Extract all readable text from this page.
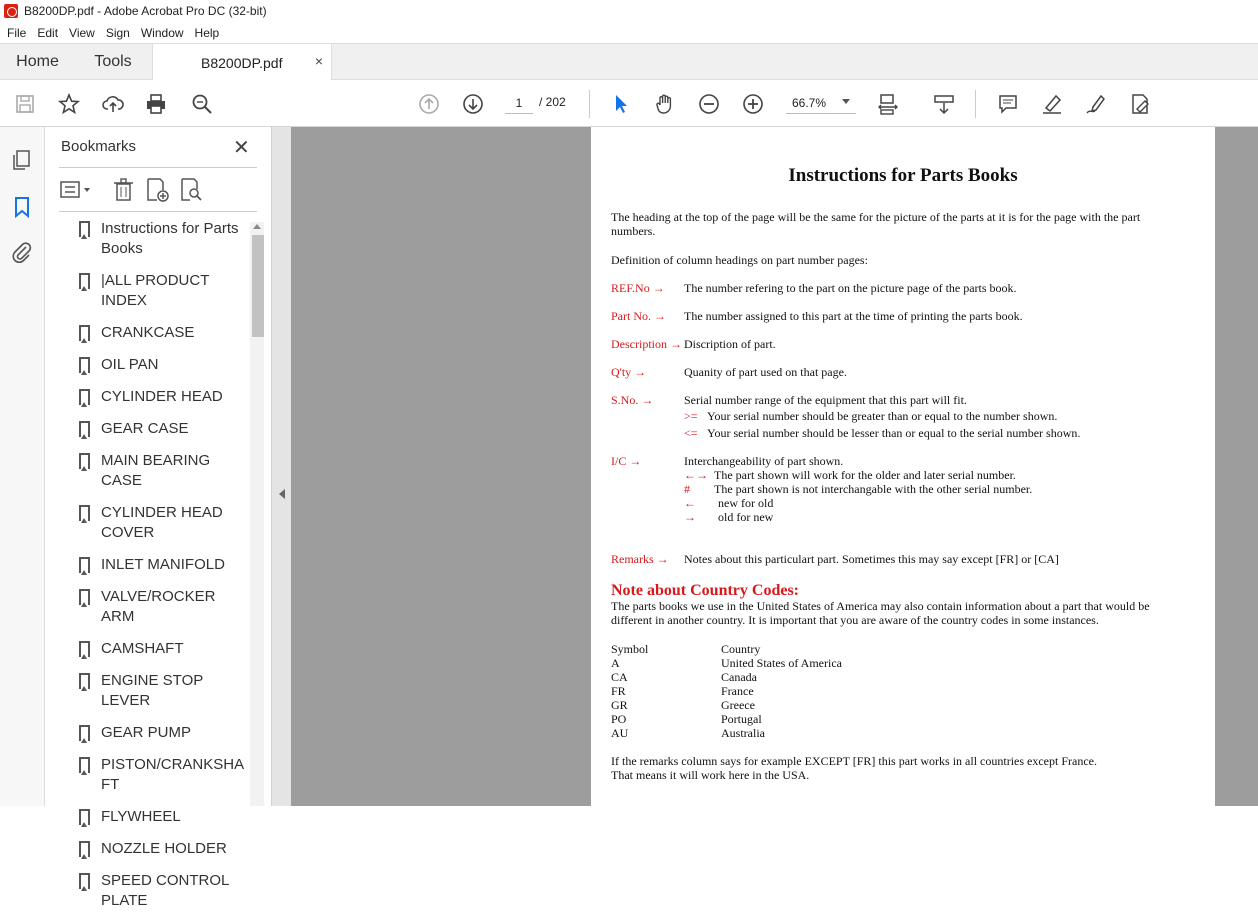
B8200DP.pdf - Adobe Acrobat Pro DC (32-bit)
File Edit View Sign Window Help
Home	Tools	B8200DP.pdf ×
1	/ 202	66.7%
Bookmarks	✕
Instructions for Parts Books
|ALL PRODUCT INDEX
CRANKCASE
OIL PAN
CYLINDER HEAD
GEAR CASE
MAIN BEARING CASE
CYLINDER HEAD COVER
INLET MANIFOLD
VALVE/ROCKER ARM
CAMSHAFT
ENGINE STOP LEVER
GEAR PUMP
PISTON/CRANKSHAFT
FLYWHEEL
NOZZLE HOLDER
SPEED CONTROL PLATE
Instructions for Parts Books
The heading at the top of the page will be the same for the picture of the parts at it is for the page with the part numbers.
Definition of column headings on part number pages:
REF.No → The number refering to the part on the picture page of the parts book.
Part No. → The number assigned to this part at the time of printing the parts book.
Description → Discription of part.
Q'ty →	Quanity of part used on that page.
S.No. →	Serial number range of the equipment that this part will fit.
>= Your serial number should be greater than or equal to the number shown.
<= Your serial number should be lesser than or equal to the serial number shown.
I/C →	Interchangeability of part shown.
←→ The part shown will work for the older and later serial number.
# The part shown is not interchangable with the other serial number.
← new for old
→ old for new
Remarks → Notes about this particulart part. Sometimes this may say except [FR] or [CA]
Note about Country Codes:
The parts books we use in the United States of America may also contain information about a part that would be
different in another country. It is important that you are aware of the country codes in some instances.
Symbol	Country
A	United States of America
CA	Canada
FR	France
GR	Greece
PO	Portugal
AU	Australia
If the remarks column says for example EXCEPT [FR] this part works in all countries except France.
That means it will work here in the USA.
